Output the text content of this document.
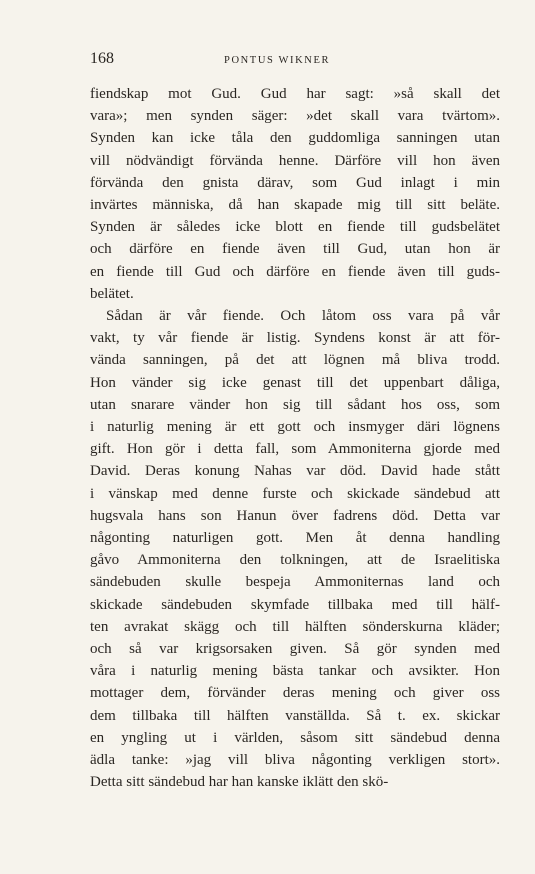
168	PONTUS WIKNER
fiendskap mot Gud. Gud har sagt: »så skall det
vara»; men synden säger: »det skall vara tvärtom».
Synden kan icke tåla den guddomliga sanningen utan
vill nödvändigt förvända henne. Därföre vill hon även
förvända den gnista därav, som Gud inlagt i min
invärtes människa, då han skapade mig till sitt beläte.
Synden är således icke blott en fiende till gudsbelätet
och därföre en fiende även till Gud, utan hon är
en fiende till Gud och därföre en fiende även till guds-
belätet.
Sådan är vår fiende. Och låtom oss vara på vår
vakt, ty vår fiende är listig. Syndens konst är att för-
vända sanningen, på det att lögnen må bliva trodd.
Hon vänder sig icke genast till det uppenbart dåliga,
utan snarare vänder hon sig till sådant hos oss, som
i naturlig mening är ett gott och insmyger däri lögnens
gift. Hon gör i detta fall, som Ammoniterna gjorde med
David. Deras konung Nahas var död. David hade stått
i vänskap med denne furste och skickade sändebud att
hugsvala hans son Hanun över fadrens död. Detta var
någonting naturligen gott. Men åt denna handling
gåvo Ammoniterna den tolkningen, att de Israelitiska
sändebuden skulle bespeja Ammoniternas land och
skickade sändebuden skymfade tillbaka med till hälf-
ten avrakat skägg och till hälften sönderskurna kläder;
och så var krigsorsaken given. Så gör synden med
våra i naturlig mening bästa tankar och avsikter. Hon
mottager dem, förvänder deras mening och giver oss
dem tillbaka till hälften vanställda. Så t. ex. skickar
en yngling ut i världen, såsom sitt sändebud denna
ädla tanke: »jag vill bliva någonting verkligen stort».
Detta sitt sändebud har han kanske iklätt den skö-
